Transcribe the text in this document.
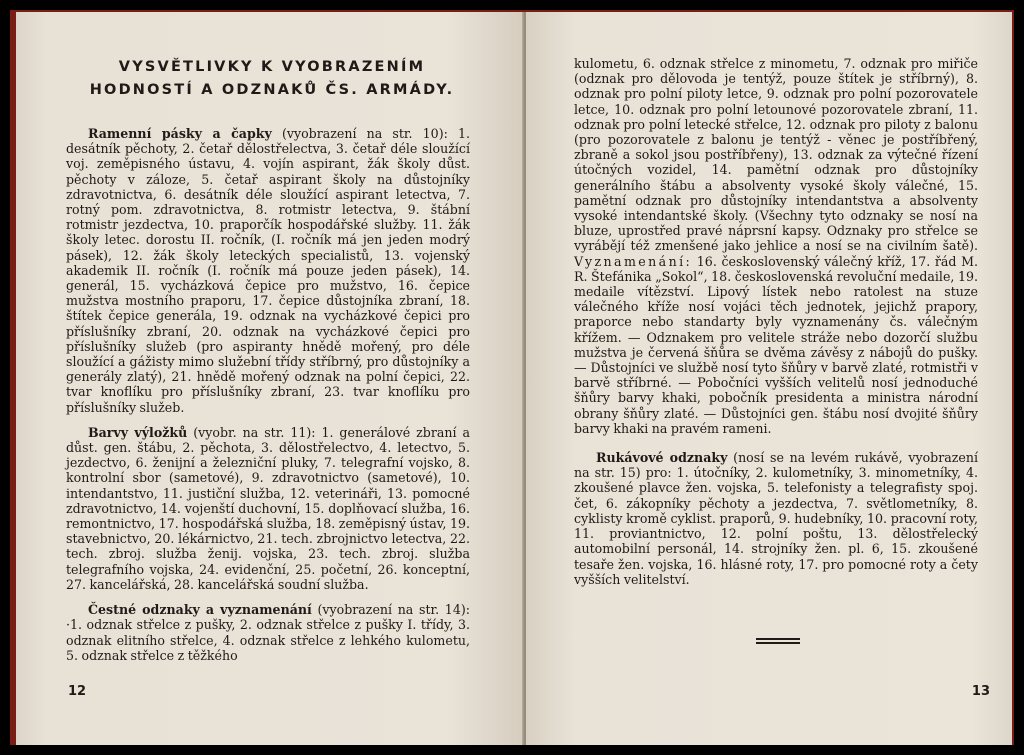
VYSVĚTLIVKY K VYOBRAZENÍM
HODNOSTÍ A ODZNAKŮ ČS. ARMÁDY.

Ramenní pásky a čapky (vyobrazení na str. 10): 1. desátník pěchoty, 2. četař dělostřelectva, 3. četař déle sloužící voj. zeměpisného ústavu, 4. vojín aspirant, žák školy důst. pěchoty v záloze, 5. četař aspirant školy na důstojníky zdravotnictva, 6. desátník déle sloužící aspirant letectva, 7. rotný pom. zdravotnictva, 8. rotmistr letectva, 9. štábní rotmistr jezdectva, 10. praporčík hospodářské služby. 11. žák školy letec. dorostu II. ročník, (I. ročník má jen jeden modrý pásek), 12. žák školy leteckých specialistů, 13. vojenský akademik II. ročník (I. ročník má pouze jeden pásek), 14. generál, 15. vycházková čepice pro mužstvo, 16. čepice mužstva mostního praporu, 17. čepice důstojníka zbraní, 18. štítek čepice generála, 19. odznak na vycházkové čepici pro příslušníky zbraní, 20. odznak na vycházkové čepici pro příslušníky služeb (pro aspiranty hnědě mořený, pro déle sloužící a gážisty mimo služební třídy stříbrný, pro důstojníky a generály zlatý), 21. hnědě mořený odznak na polní čepici, 22. tvar knoflíku pro příslušníky zbraní, 23. tvar knoflíku pro příslušníky služeb.

Barvy výložků (vyobr. na str. 11): 1. generálové zbraní a důst. gen. štábu, 2. pěchota, 3. dělostřelectvo, 4. letectvo, 5. jezdectvo, 6. ženijní a železniční pluky, 7. telegrafní vojsko, 8. kontrolní sbor (sametové), 9. zdravotnictvo (sametové), 10. intendantstvo, 11. justiční služba, 12. veterináři, 13. pomocné zdravotnictvo, 14. vojenští duchovní, 15. doplňovací služba, 16. remontnictvo, 17. hospodářská služba, 18. zeměpisný ústav, 19. stavebnictvo, 20. lékárnictvo, 21. tech. zbrojnictvo letectva, 22. tech. zbroj. služba ženij. vojska, 23. tech. zbroj. služba telegrafního vojska, 24. evidenční, 25. početní, 26. konceptní, 27. kancelářská, 28. kancelářská soudní služba.

Čestné odznaky a vyznamenání (vyobrazení na str. 14): ·1. odznak střelce z pušky, 2. odznak střelce z pušky I. třídy, 3. odznak elitního střelce, 4. odznak střelce z lehkého kulometu, 5. odznak střelce z těžkého

12

kulometu, 6. odznak střelce z minometu, 7. odznak pro miřiče (odznak pro dělovoda je tentýž, pouze štítek je stříbrný), 8. odznak pro polní piloty letce, 9. odznak pro polní pozorovatele letce, 10. odznak pro polní letounové pozorovatele zbraní, 11. odznak pro polní letecké střelce, 12. odznak pro piloty z balonu (pro pozorovatele z balonu je tentýž - věnec je postříbřený, zbraně a sokol jsou postříbřeny), 13. odznak za výtečné řízení útočných vozidel, 14. pamětní odznak pro důstojníky generálního štábu a absolventy vysoké školy válečné, 15. pamětní odznak pro důstojníky intendantstva a absolventy vysoké intendantské školy. (Všechny tyto odznaky se nosí na bluze, uprostřed pravé náprsní kapsy. Odznaky pro střelce se vyrábějí též zmenšené jako jehlice a nosí se na civilním šatě). Vyznamenání: 16. československý válečný kříž, 17. řád M. R. Štefánika „Sokol“, 18. československá revoluční medaile, 19. medaile vítězství. Lipový lístek nebo ratolest na stuze válečného kříže nosí vojáci těch jednotek, jejichž prapory, praporce nebo standarty byly vyznamenány čs. válečným křížem. — Odznakem pro velitele stráže nebo dozorčí službu mužstva je červená šňůra se dvěma závěsy z nábojů do pušky. — Důstojníci ve službě nosí tyto šňůry v barvě zlaté, rotmistři v barvě stříbrné. — Pobočníci vyšších velitelů nosí jednoduché šňůry barvy khaki, pobočník presidenta a ministra národní obrany šňůry zlaté. — Důstojníci gen. štábu nosí dvojité šňůry barvy khaki na pravém rameni.

Rukávové odznaky (nosí se na levém rukávě, vyobrazení na str. 15) pro: 1. útočníky, 2. kulometníky, 3. minometníky, 4. zkoušené plavce žen. vojska, 5. telefonisty a telegrafisty spoj. čet, 6. zákopníky pěchoty a jezdectva, 7. světlometníky, 8. cyklisty kromě cyklist. praporů, 9. hudebníky, 10. pracovní roty, 11. proviantnictvo, 12. polní poštu, 13. dělostřelecký automobilní personál, 14. strojníky žen. pl. 6, 15. zkoušené tesaře žen. vojska, 16. hlásné roty, 17. pro pomocné roty a čety vyšších velitelství.

13
